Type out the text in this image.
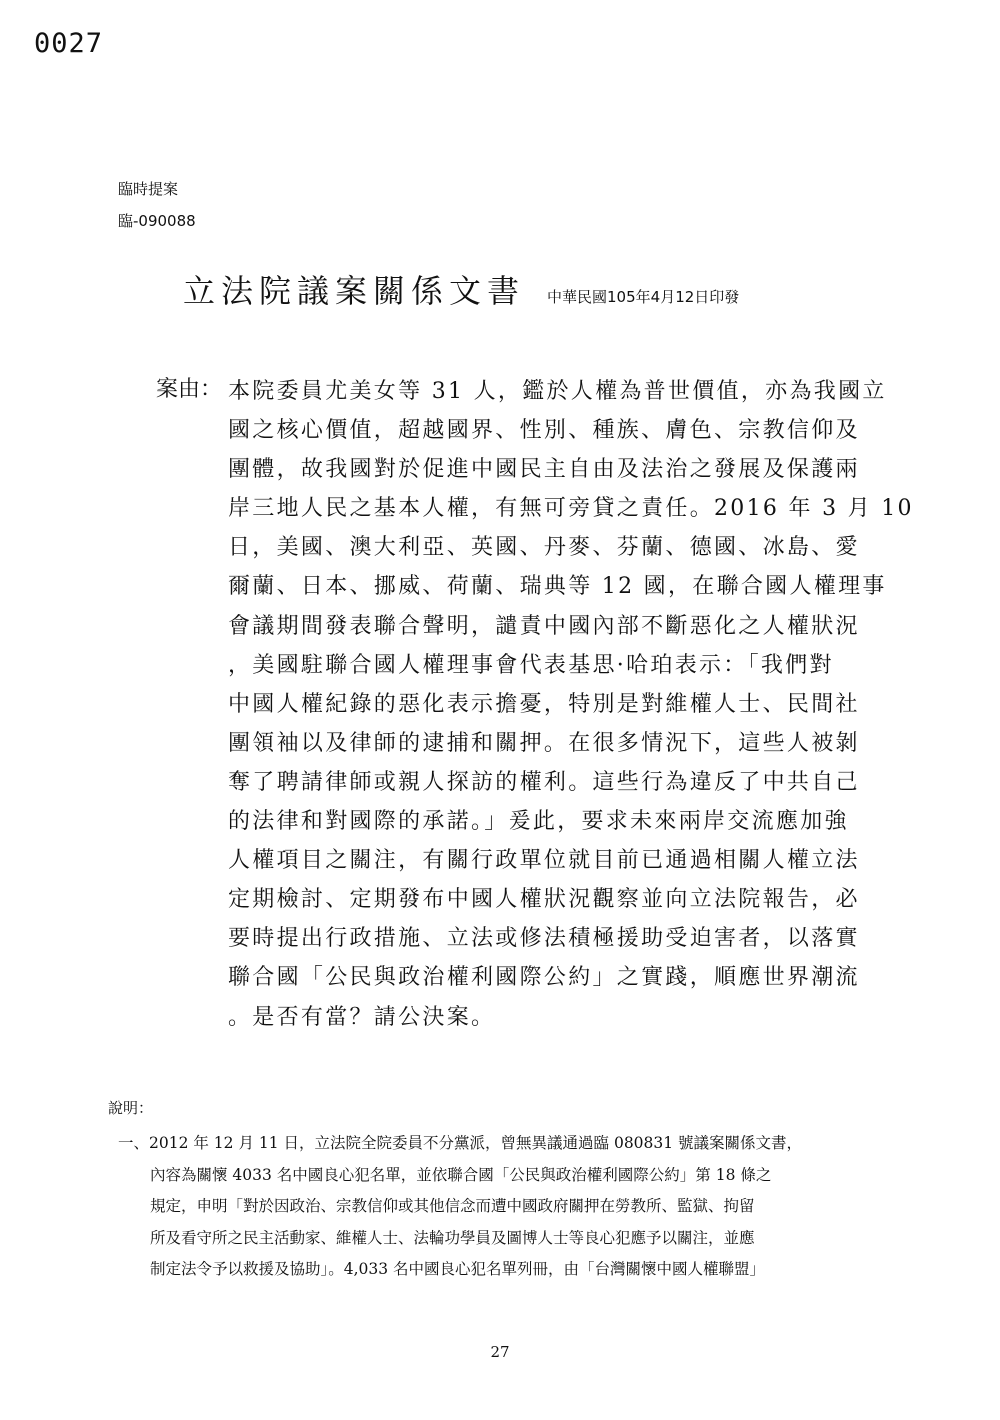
0027
臨時提案
臨-090088
立法院議案關係文書 中華民國105年4月12日印發
案由： 本院委員尤美女等 31 人，鑑於人權為普世價值，亦為我國立
國之核心價值，超越國界、性別、種族、膚色、宗教信仰及
團體，故我國對於促進中國民主自由及法治之發展及保護兩
岸三地人民之基本人權，有無可旁貸之責任。2016 年 3 月 10
日，美國、澳大利亞、英國、丹麥、芬蘭、德國、冰島、愛
爾蘭、日本、挪威、荷蘭、瑞典等 12 國，在聯合國人權理事
會議期間發表聯合聲明，譴責中國內部不斷惡化之人權狀況
，美國駐聯合國人權理事會代表基思·哈珀表示：「我們對
中國人權紀錄的惡化表示擔憂，特別是對維權人士、民間社
團領袖以及律師的逮捕和關押。在很多情況下，這些人被剝
奪了聘請律師或親人探訪的權利。這些行為違反了中共自己
的法律和對國際的承諾。」爰此，要求未來兩岸交流應加強
人權項目之關注，有關行政單位就目前已通過相關人權立法
定期檢討、定期發布中國人權狀況觀察並向立法院報告，必
要時提出行政措施、立法或修法積極援助受迫害者，以落實
聯合國「公民與政治權利國際公約」之實踐，順應世界潮流
。是否有當？請公決案。
說明：
一、2012 年 12 月 11 日，立法院全院委員不分黨派，曾無異議通過臨 080831 號議案關係文書，
內容為關懷 4033 名中國良心犯名單，並依聯合國「公民與政治權利國際公約」第 18 條之
規定，申明「對於因政治、宗教信仰或其他信念而遭中國政府關押在勞教所、監獄、拘留
所及看守所之民主活動家、維權人士、法輪功學員及圖博人士等良心犯應予以關注，並應
制定法令予以救援及協助」。4,033 名中國良心犯名單列冊，由「台灣關懷中國人權聯盟」
27
